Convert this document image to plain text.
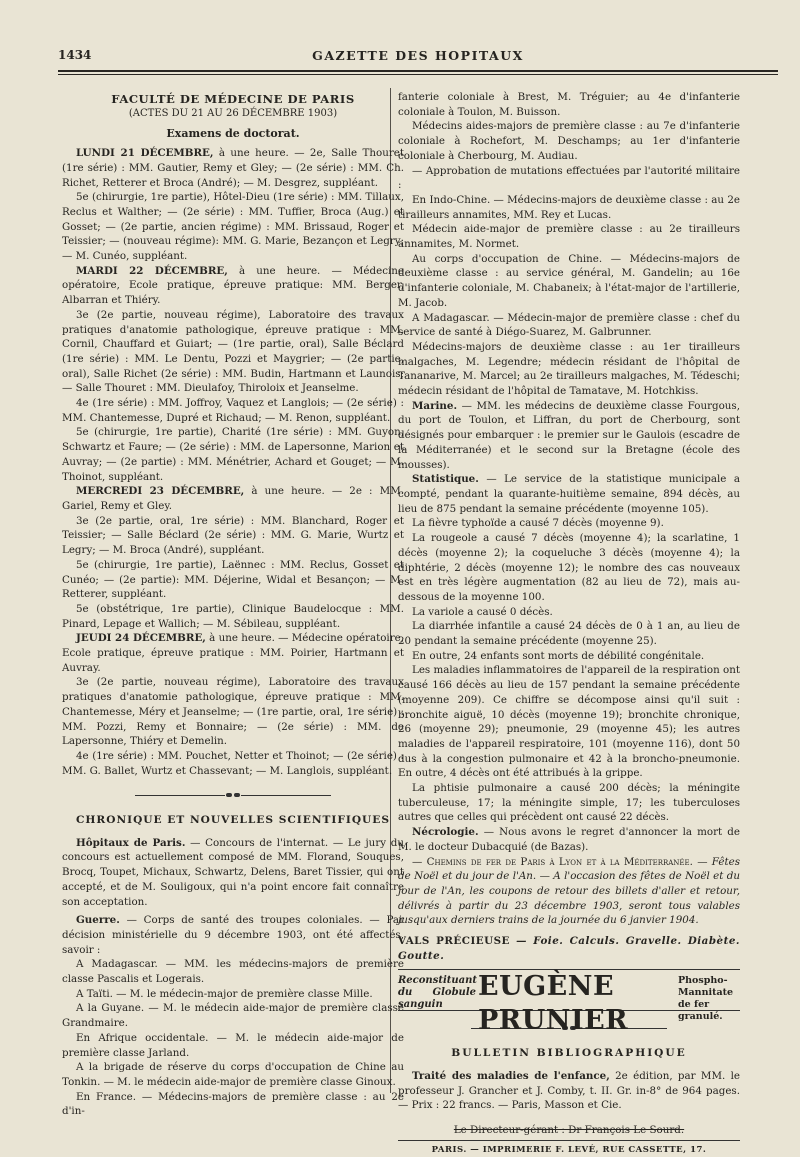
1434	GAZETTE DES HOPITAUX

FACULTÉ DE MÉDECINE DE PARIS

(ACTES DU 21 AU 26 DÉCEMBRE 1903)

Examens de doctorat.

LUNDI 21 DÉCEMBRE, à une heure. — 2e, Salle Thouret (1re série) : MM. Gautier, Remy et Gley; — (2e série) : MM. Ch. Richet, Retterer et Broca (André); — M. Desgrez, suppléant.

5e (chirurgie, 1re partie), Hôtel-Dieu (1re série) : MM. Tillaux, Reclus et Walther; — (2e série) : MM. Tuffier, Broca (Aug.) et Gosset; — (2e partie, ancien régime) : MM. Brissaud, Roger et Teissier; — (nouveau régime): MM. G. Marie, Bezançon et Legry; — M. Cunéo, suppléant.

MARDI 22 DÉCEMBRE, à une heure. — Médecine opératoire, Ecole pratique, épreuve pratique: MM. Berger, Albarran et Thiéry.

3e (2e partie, nouveau régime), Laboratoire des travaux pratiques d'anatomie pathologique, épreuve pratique : MM. Cornil, Chauffard et Guiart; — (1re partie, oral), Salle Béclard (1re série) : MM. Le Dentu, Pozzi et Maygrier; — (2e partie, oral), Salle Richet (2e série) : MM. Budin, Hartmann et Launois; — Salle Thouret : MM. Dieulafoy, Thiroloix et Jeanselme.

4e (1re série) : MM. Joffroy, Vaquez et Langlois; — (2e série) : MM. Chantemesse, Dupré et Richaud; — M. Renon, suppléant.

5e (chirurgie, 1re partie), Charité (1re série) : MM. Guyon, Schwartz et Faure; — (2e série) : MM. de Lapersonne, Marion et Auvray; — (2e partie) : MM. Ménétrier, Achard et Gouget; — M. Thoinot, suppléant.

MERCREDI 23 DÉCEMBRE, à une heure. — 2e : MM. Gariel, Remy et Gley.

3e (2e partie, oral, 1re série) : MM. Blanchard, Roger et Teissier; — Salle Béclard (2e série) : MM. G. Marie, Wurtz et Legry; — M. Broca (André), suppléant.

5e (chirurgie, 1re partie), Laënnec : MM. Reclus, Gosset et Cunéo; — (2e partie): MM. Déjerine, Widal et Besançon; — M. Retterer, suppléant.

5e (obstétrique, 1re partie), Clinique Baudelocque : MM. Pinard, Lepage et Wallich; — M. Sébileau, suppléant.

JEUDI 24 DÉCEMBRE, à une heure. — Médecine opératoire, Ecole pratique, épreuve pratique : MM. Poirier, Hartmann et Auvray.

3e (2e partie, nouveau régime), Laboratoire des travaux pratiques d'anatomie pathologique, épreuve pratique : MM. Chantemesse, Méry et Jeanselme; — (1re partie, oral, 1re série) : MM. Pozzi, Remy et Bonnaire; — (2e série) : MM. de Lapersonne, Thiéry et Demelin.

4e (1re série) : MM. Pouchet, Netter et Thoinot; — (2e série) : MM. G. Ballet, Wurtz et Chassevant; — M. Langlois, suppléant.

CHRONIQUE ET NOUVELLES SCIENTIFIQUES

Hôpitaux de Paris. — Concours de l'internat. — Le jury du concours est actuellement composé de MM. Florand, Souques, Brocq, Toupet, Michaux, Schwartz, Delens, Baret Tissier, qui ont accepté, et de M. Souligoux, qui n'a point encore fait connaître son acceptation.

Guerre. — Corps de santé des troupes coloniales. — Par décision ministérielle du 9 décembre 1903, ont été affectés, savoir :

A Madagascar. — MM. les médecins-majors de première classe Pascalis et Logerais.

A Taïti. — M. le médecin-major de première classe Mille.

A la Guyane. — M. le médecin aide-major de première classe Grandmaire.

En Afrique occidentale. — M. le médecin aide-major de première classe Jarland.

A la brigade de réserve du corps d'occupation de Chine au Tonkin. — M. le médecin aide-major de première classe Ginoux.

En France. — Médecins-majors de première classe : au 2e d'in-

fanterie coloniale à Brest, M. Tréguier; au 4e d'infanterie coloniale à Toulon, M. Buisson.

Médecins aides-majors de première classe : au 7e d'infanterie coloniale à Rochefort, M. Deschamps; au 1er d'infanterie coloniale à Cherbourg, M. Audiau.

— Approbation de mutations effectuées par l'autorité militaire :

En Indo-Chine. — Médecins-majors de deuxième classe : au 2e tirailleurs annamites, MM. Rey et Lucas.

Médecin aide-major de première classe : au 2e tirailleurs annamites, M. Normet.

Au corps d'occupation de Chine. — Médecins-majors de deuxième classe : au service général, M. Gandelin; au 16e d'infanterie coloniale, M. Chabaneix; à l'état-major de l'artillerie, M. Jacob.

A Madagascar. — Médecin-major de première classe : chef du service de santé à Diégo-Suarez, M. Galbrunner.

Médecins-majors de deuxième classe : au 1er tirailleurs malgaches, M. Legendre; médecin résidant de l'hôpital de Tananarive, M. Marcel; au 2e tirailleurs malgaches, M. Tédeschi; médecin résidant de l'hôpital de Tamatave, M. Hotchkiss.

Marine. — MM. les médecins de deuxième classe Fourgous, du port de Toulon, et Liffran, du port de Cherbourg, sont désignés pour embarquer : le premier sur le Gaulois (escadre de la Méditerranée) et le second sur la Bretagne (école des mousses).

Statistique. — Le service de la statistique municipale a compté, pendant la quarante-huitième semaine, 894 décès, au lieu de 875 pendant la semaine précédente (moyenne 105).

La fièvre typhoïde a causé 7 décès (moyenne 9).

La rougeole a causé 7 décès (moyenne 4); la scarlatine, 1 décès (moyenne 2); la coqueluche 3 décès (moyenne 4); la diphtérie, 2 décès (moyenne 12); le nombre des cas nouveaux est en très légère augmentation (82 au lieu de 72), mais au-dessous de la moyenne 100.

La variole a causé 0 décès.

La diarrhée infantile a causé 24 décès de 0 à 1 an, au lieu de 20 pendant la semaine précédente (moyenne 25).

En outre, 24 enfants sont morts de débilité congénitale.

Les maladies inflammatoires de l'appareil de la respiration ont causé 166 décès au lieu de 157 pendant la semaine précédente (moyenne 209). Ce chiffre se décompose ainsi qu'il suit : bronchite aiguë, 10 décès (moyenne 19); bronchite chronique, 26 (moyenne 29); pneumonie, 29 (moyenne 45); les autres maladies de l'appareil respiratoire, 101 (moyenne 116), dont 50 dus à la congestion pulmonaire et 42 à la broncho-pneumonie. En outre, 4 décès ont été attribués à la grippe.

La phtisie pulmonaire a causé 200 décès; la méningite tuberculeuse, 17; la méningite simple, 17; les tuberculoses autres que celles qui précèdent ont causé 22 décès.

Nécrologie. — Nous avons le regret d'annoncer la mort de M. le docteur Dubacquié (de Bazas).

— Chemins de fer de Paris à Lyon et à la Méditerranée. — Fêtes de Noël et du jour de l'An. — A l'occasion des fêtes de Noël et du jour de l'An, les coupons de retour des billets d'aller et retour, délivrés à partir du 23 décembre 1903, seront tous valables jusqu'aux derniers trains de la journée du 6 janvier 1904.

VALS PRÉCIEUSE — Foie. Calculs. Gravelle. Diabète. Goutte.

Reconstituant du Globule sanguin
EUGÈNE PRUNIER
Phospho-Mannitate de fer granulé.

BULLETIN BIBLIOGRAPHIQUE

Traité des maladies de l'enfance, 2e édition, par MM. le professeur J. Grancher et J. Comby, t. II. Gr. in-8° de 964 pages. — Prix : 22 francs. — Paris, Masson et Cie.

Le Directeur-gérant : Dr François Le Sourd.

PARIS. — IMPRIMERIE F. LEVÉ, RUE CASSETTE, 17.
